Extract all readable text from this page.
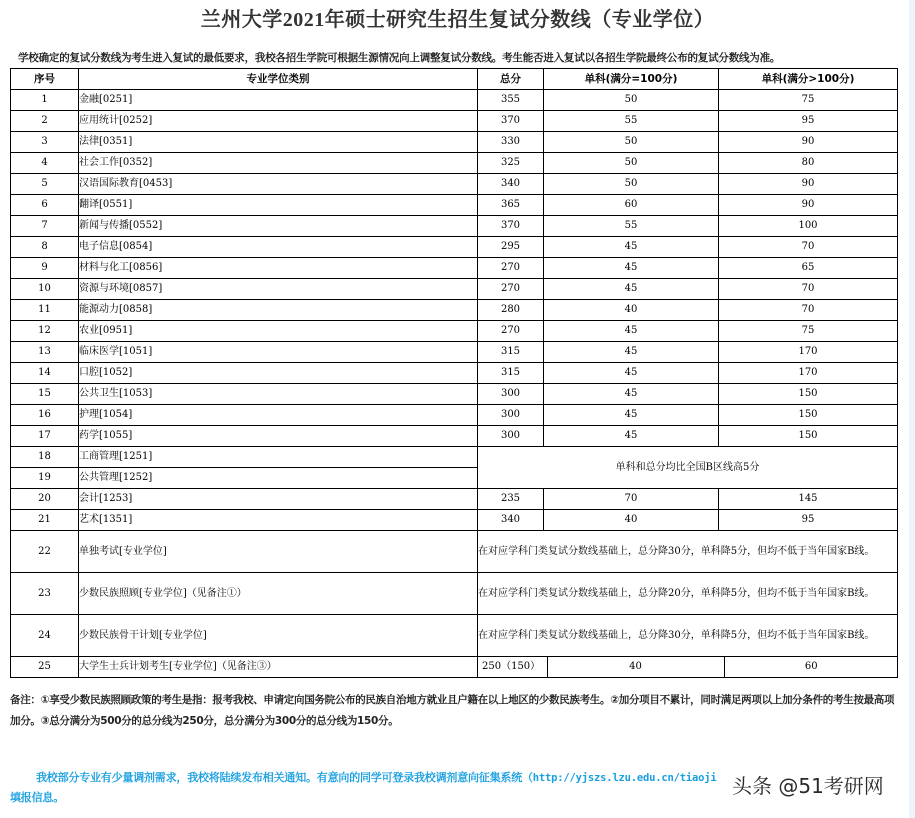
兰州大学2021年硕士研究生招生复试分数线（专业学位）
学校确定的复试分数线为考生进入复试的最低要求，我校各招生学院可根据生源情况向上调整复试分数线。考生能否进入复试以各招生学院最终公布的复试分数线为准。
序号	专业学位类别	总分	单科(满分=100分)	单科(满分>100分)
1	金融[0251]	355	50	75
2	应用统计[0252]	370	55	95
3	法律[0351]	330	50	90
4	社会工作[0352]	325	50	80
5	汉语国际教育[0453]	340	50	90
6	翻译[0551]	365	60	90
7	新闻与传播[0552]	370	55	100
8	电子信息[0854]	295	45	70
9	材料与化工[0856]	270	45	65
10	资源与环境[0857]	270	45	70
11	能源动力[0858]	280	40	70
12	农业[0951]	270	45	75
13	临床医学[1051]	315	45	170
14	口腔[1052]	315	45	170
15	公共卫生[1053]	300	45	150
16	护理[1054]	300	45	150
17	药学[1055]	300	45	150
18	工商管理[1251]	单科和总分均比全国B区线高5分
19	公共管理[1252]
20	会计[1253]	235	70	145
21	艺术[1351]	340	40	95
22	单独考试[专业学位]	在对应学科门类复试分数线基础上，总分降30分，单科降5分，但均不低于当年国家B线。
23	少数民族照顾[专业学位]（见备注①）	在对应学科门类复试分数线基础上，总分降20分，单科降5分，但均不低于当年国家B线。
24	少数民族骨干计划[专业学位]	在对应学科门类复试分数线基础上，总分降30分，单科降5分，但均不低于当年国家B线。
25	大学生士兵计划考生[专业学位]（见备注③）		250（150）	40	60
备注：①享受少数民族照顾政策的考生是指：报考我校、申请定向国务院公布的民族自治地方就业且户籍在以上地区的少数民族考生。②加分项目不累计，同时满足两项以上加分条件的考生按最高项加分。③总分满分为500分的总分线为250分，总分满分为300分的总分线为150分。
我校部分专业有少量调剂需求，我校将陆续发布相关通知。有意向的同学可登录我校调剂意向征集系统（http://yjszs.lzu.edu.cn/tiaoji
填报信息。	头条 @51考研网
